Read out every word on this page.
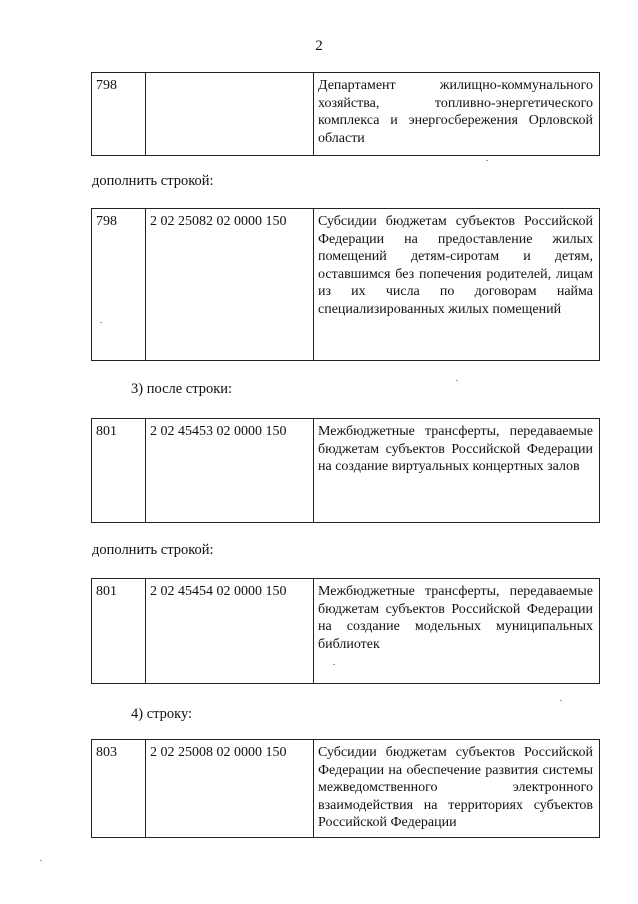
2
798		Департамент жилищно-коммунального хозяйства, топливно-энергетического комплекса и энергосбережения Орловской области
дополнить строкой:
798	2 02 25082 02 0000 150	Субсидии бюджетам субъектов Российской Федерации на предоставление жилых помещений детям-сиротам и детям, оставшимся без попечения родителей, лицам из их числа по договорам найма специализированных жилых помещений
3) после строки:
801	2 02 45453 02 0000 150	Межбюджетные трансферты, передаваемые бюджетам субъектов Российской Федерации на создание виртуальных концертных залов
дополнить строкой:
801	2 02 45454 02 0000 150	Межбюджетные трансферты, передаваемые бюджетам субъектов Российской Федерации на создание модельных муниципальных библиотек
4) строку:
803	2 02 25008 02 0000 150	Субсидии бюджетам субъектов Российской Федерации на обеспечение развития системы межведомственного электронного взаимодействия на территориях субъектов Российской Федерации
